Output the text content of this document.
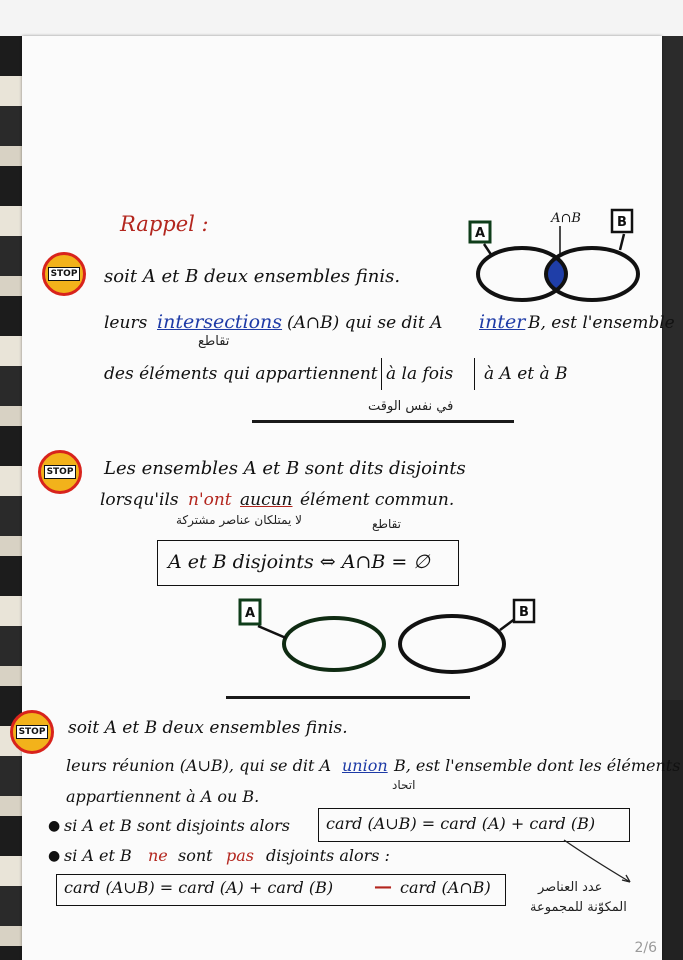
Rappel :
STOP soit A et B deux ensembles finis.
leurs intersections (A∩B) qui se dit A inter B, est l'ensemble
تقاطع
des éléments qui appartiennent à la fois à A et à B
في نفس الوقت
A
B
A∩B
STOP Les ensembles A et B sont dits disjoints
lorsqu'ils n'ont aucun élément commun.
لا يمتلكان عناصر مشتركة	تقاطع
A et B disjoints ⇔ A∩B = ∅
A	B
STOP soit A et B deux ensembles finis.
leurs réunion (A∪B), qui se dit A union B, est l'ensemble dont les éléments
اتحاد
appartiennent à A ou B.
● si A et B sont disjoints alors card (A∪B) = card (A) + card (B)
● si A et B ne sont pas disjoints alors :
card (A∪B) = card (A) + card (B) — card (A∩B)	عدد العناصر
المكوّنة للمجموعة
2/6
